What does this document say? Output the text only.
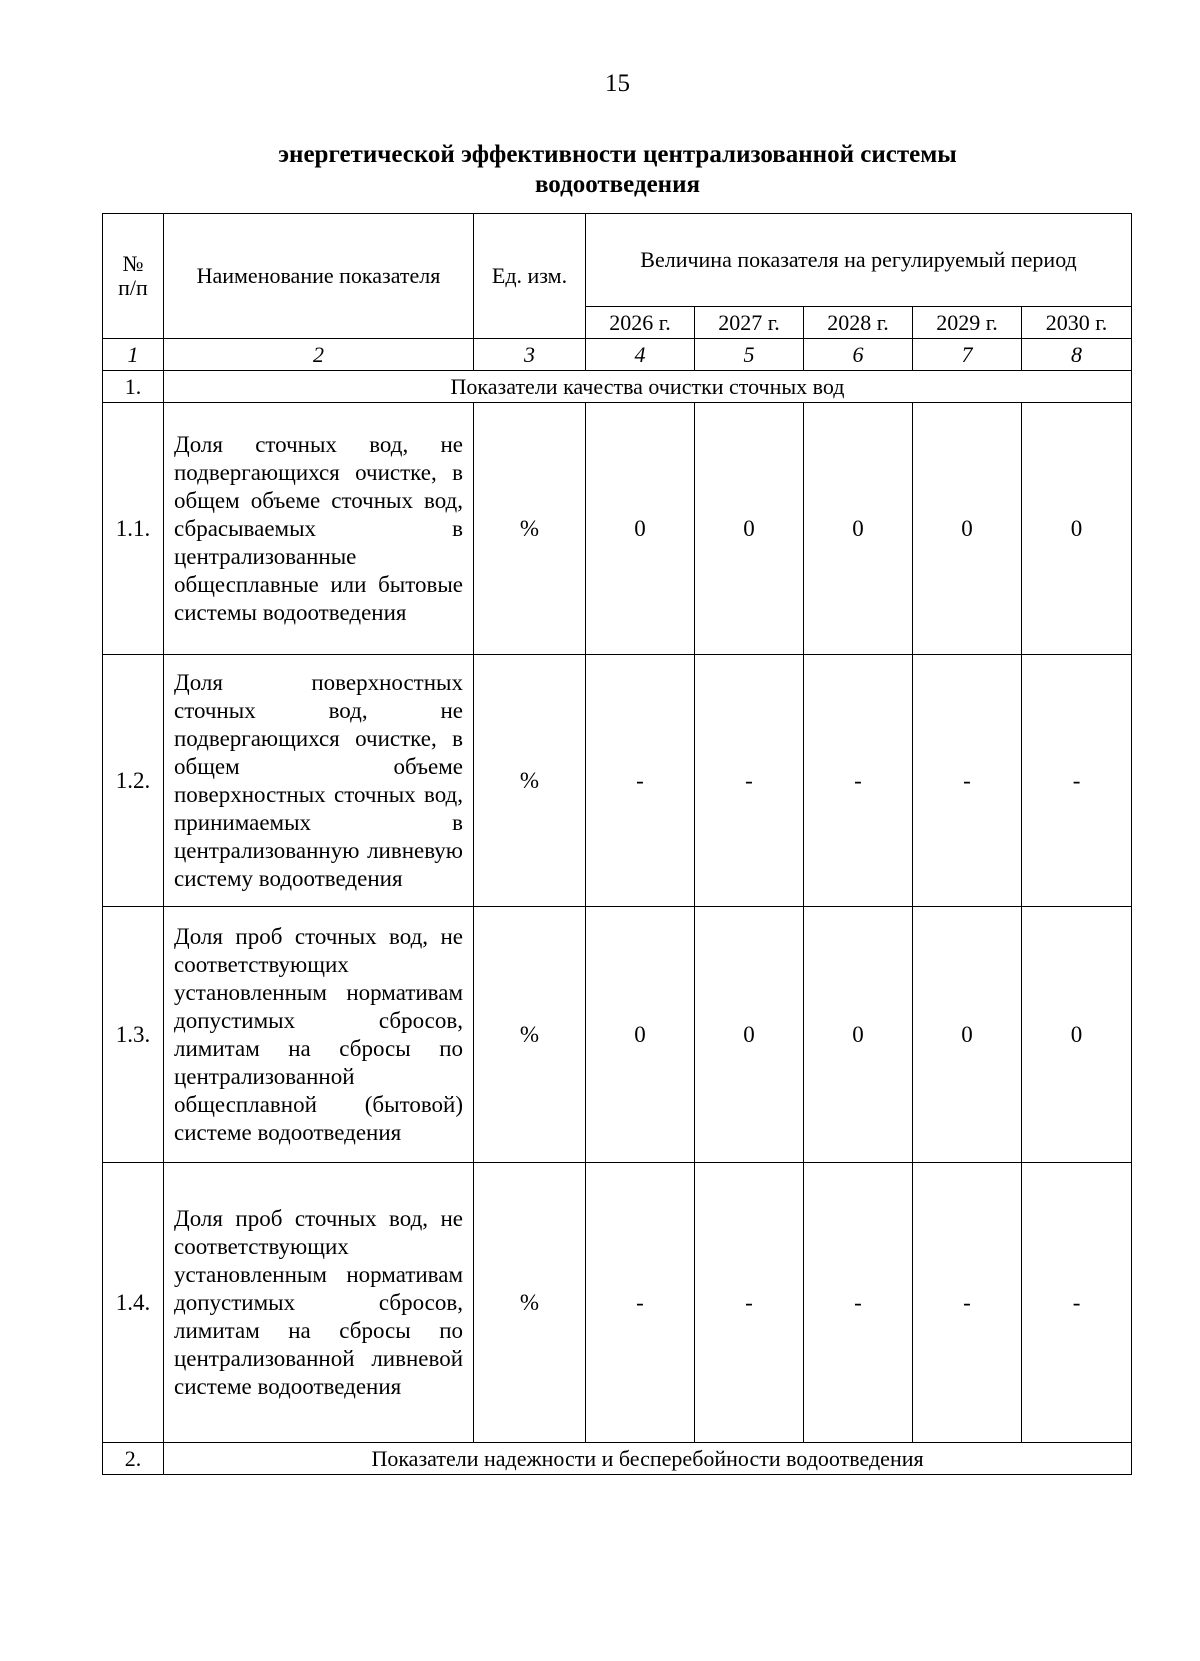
15
энергетической эффективности централизованной системы
водоотведения
№
п/п	Наименование показателя	Ед. изм.	Величина показателя на регулируемый период				
			2026 г.	2027 г.	2028 г.	2029 г.	2030 г.
1	2	3	4	5	6	7	8
1.	Показатели качества очистки сточных вод						
1.1.	Доля сточных вод, не подвергающихся очистке, в общем объеме сточных вод, сбрасываемых в централизованные общесплавные или бытовые системы водоотведения	%	0	0	0	0	0
1.2.	Доля поверхностных сточных вод, не подвергающихся очистке, в общем объеме поверхностных сточных вод, принимаемых в централизованную ливневую систему водоотведения	%	-	-	-	-	-
1.3.	Доля проб сточных вод, не соответствующих установленным нормативам допустимых сбросов, лимитам на сбросы по централизованной общесплавной (бытовой) системе водоотведения	%	0	0	0	0	0
1.4.	Доля проб сточных вод, не соответствующих установленным нормативам допустимых сбросов, лимитам на сбросы по централизованной ливневой системе водоотведения	%	-	-	-	-	-
2.	Показатели надежности и бесперебойности водоотведения						
